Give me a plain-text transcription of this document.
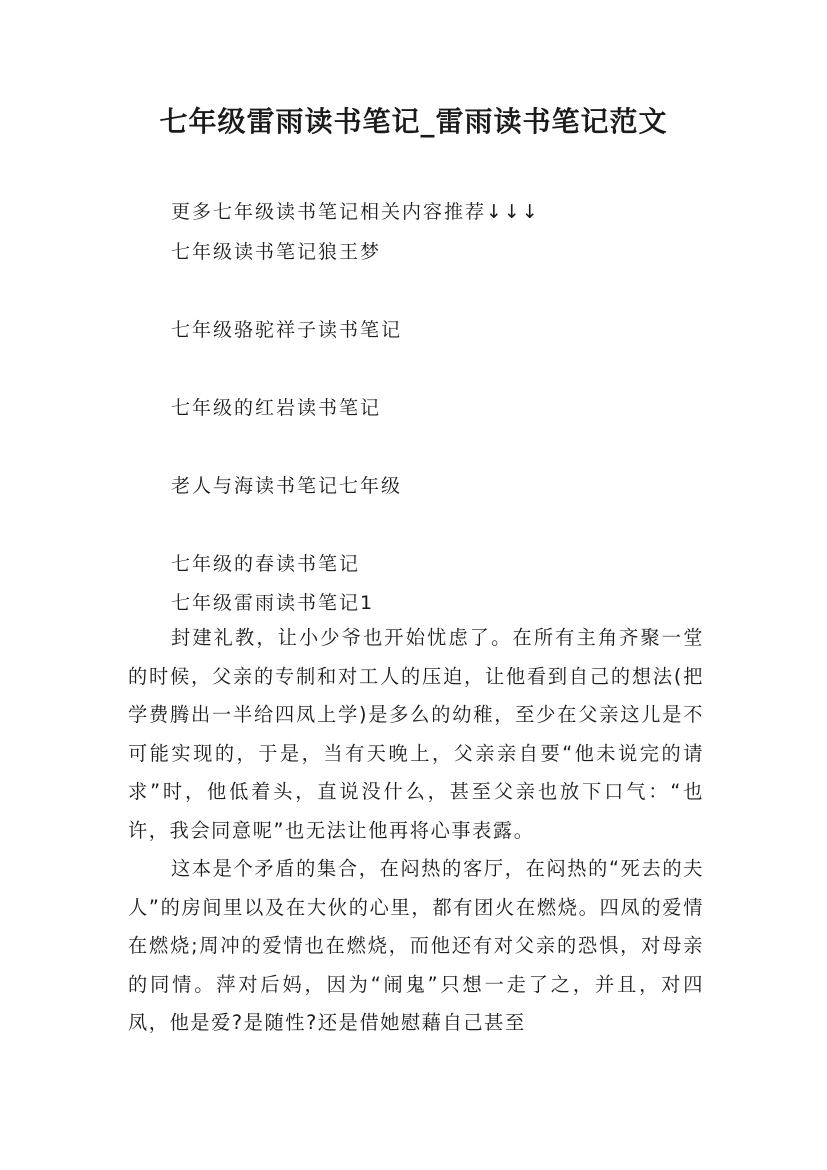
七年级雷雨读书笔记_雷雨读书笔记范文
更多七年级读书笔记相关内容推荐↓↓↓
七年级读书笔记狼王梦
七年级骆驼祥子读书笔记
七年级的红岩读书笔记
老人与海读书笔记七年级
七年级的春读书笔记
七年级雷雨读书笔记1

封建礼教，让小少爷也开始忧虑了。在所有主角齐聚一堂的时候，父亲的专制和对工人的压迫，让他看到自己的想法(把学费腾出一半给四凤上学)是多么的幼稚，至少在父亲这儿是不可能实现的，于是，当有天晚上，父亲亲自要“他未说完的请求”时，他低着头，直说没什么，甚至父亲也放下口气：“也许，我会同意呢”也无法让他再将心事表露。

这本是个矛盾的集合，在闷热的客厅，在闷热的“死去的夫人”的房间里以及在大伙的心里，都有团火在燃烧。四凤的爱情在燃烧;周冲的爱情也在燃烧，而他还有对父亲的恐惧，对母亲的同情。萍对后妈，因为“闹鬼”只想一走了之，并且，对四凤，他是爱?是随性?还是借她慰藉自己甚至
